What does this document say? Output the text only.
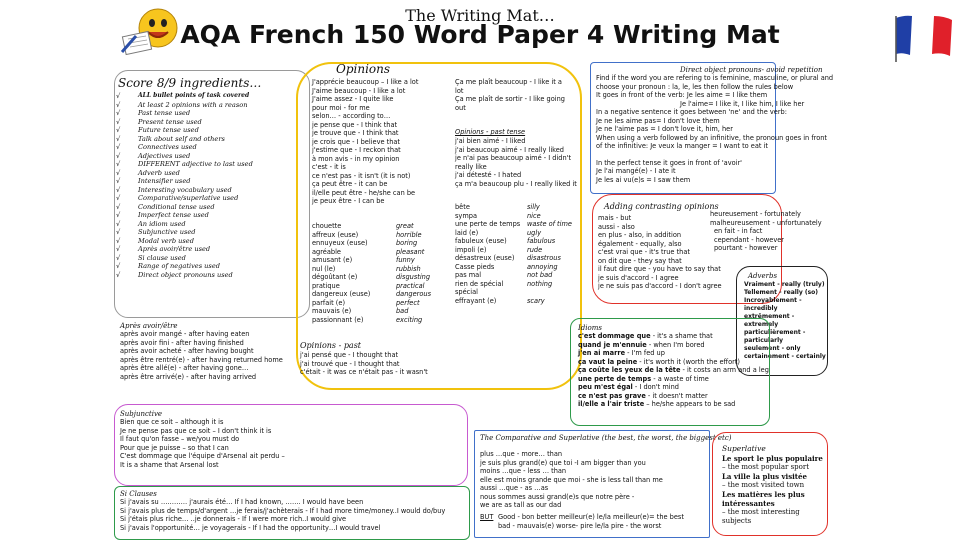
The Writing Mat…
AQA French 150 Word Paper 4 Writing Mat
Score 8/9 ingredients…
√	ALL bullet points of task covered
√	At least 2 opinions with a reason
√	Past tense used
√	Present tense used
√	Future tense used
√	Talk about self and others
√	Connectives used
√	Adjectives used
√	DIFFERENT adjective to last used
√	Adverb used
√	Intensifier used
√	Interesting vocabulary used
√	Comparative/superlative used
√	Conditional tense used
√	Imperfect tense used
√	An idiom used
√	Subjunctive used
√	Modal verb used
√	Après avoir/être used
√	Si clause used
√	Range of negatives used
√	Direct object pronouns used
Après avoir/être
après avoir mangé - after having eaten
après avoir fini - after having finished
après avoir acheté - after having bought
après être rentré(e) - after having returned home
après être allé(e) - after having gone…
après être arrivé(e) - after having arrived
Subjunctive
Bien que ce soit – although it is
Je ne pense pas que ce soit – I don't think it is
Il faut qu'on fasse – we/you must do
Pour que je puisse – so that I can
C'est dommage que l'équipe d'Arsenal ait perdu –
It is a shame that Arsenal lost
Si Clauses
Si j'avais su ………… j'aurais été… If I had known, ……. I would have been
Si j'avais plus de temps/d'argent …je ferais/j'achèterais - If I had more time/money..I would do/buy
Si j'étais plus riche… ..je donnerais - If I were more rich..I would give
Si j'avais l'opportunité… je voyagerais - If I had the opportunity…I would travel
Opinions
J'apprécie beaucoup – I like a lot
J'aime beaucoup - I like a lot
J'aime assez - I quite like
pour moi - for me
selon… - according to…
je pense que - I think that
je trouve que - I think that
je crois que - I believe that
j'estime que - I reckon that
à mon avis - in my opinion
c'est - it is
ce n'est pas - it isn't (it is not)
ça peut être - it can be
il/elle peut être - he/she can be
je peux être - I can be
chouette	great
affreux (euse)	horrible
ennuyeux (euse)	boring
agréable	pleasant
amusant (e)	funny
nul (le)	rubbish
dégoûtant (e)	disgusting
pratique	practical
dangereux (euse)	dangerous
parfait (e)	perfect
mauvais (e)	bad
passionnant (e)	exciting
Opinions - past
j'ai pensé que - I thought that
j'ai trouvé que - I thought that
c'était - it was ce n'était pas - it wasn't
Ça me plaît beaucoup - I like it a
lot
Ça me plaît de sortir - I like going
out
Opinions - past tense
j'ai bien aimé - I liked
j'ai beaucoup aimé - I really liked
je n'ai pas beaucoup aimé - I didn't
really like
j'ai détesté - I hated
ça m'a beaucoup plu - I really liked it
bête	silly
sympa	nice
une perte de temps	waste of time
laid (e)	ugly
fabuleux (euse)	fabulous
impoli (e)	rude
désastreux (euse)	disastrous
Casse pieds	annoying
pas mal	not bad
rien de spécial	nothing
spécial
effrayant (e)	scary
Direct object pronouns- avoid repetition
Find if the word you are refering to is feminine, masculine, or plural and
choose your pronoun : la, le, les then follow the rules below
It goes in front of the verb: Je les aime = I like them
Je l'aime= I like it, I like him, I like her
In a negative sentence it goes between 'ne' and the verb:
Je ne les aime pas= I don't love them
Je ne l'aime pas = I don't love it, him, her
When using a verb followed by an infinitive, the pronoun goes in front
of the infinitive: Je veux la manger = I want to eat it
In the perfect tense it goes in front of 'avoir'
Je l'ai mangé(e) - I ate it
Je les ai vu(e)s = I saw them
Adding contrasting opinions
mais - but
aussi - also
en plus - also, in addition
également - equally, also
c'est vrai que - it's true that
on dit que - they say that
il faut dire que - you have to say that
je suis d'accord - I agree
je ne suis pas d'accord - I don't agree
heureusement - fortunately
malheureusement - unfortunately
en fait - in fact
cependant - however
pourtant - however
Adverbs
Vraiment - really (truly)
Tellement - really (so)
Incroyablement -
incredibly
extrêmement -
extremely
particulièrement -
particularly
seulement - only
certainement - certainly
Idioms
c'est dommage que - it's a shame that
quand je m'ennuie - when I'm bored
j'en ai marre - I'm fed up
ça vaut la peine - it's worth it (worth the effort)
ça coûte les yeux de la tête - it costs an arm and a leg
une perte de temps - a waste of time
peu m'est égal - I don't mind
ce n'est pas grave - it doesn't matter
il/elle a l'air triste – he/she appears to be sad
The Comparative and Superlative (the best, the worst, the biggest etc)
plus …que - more… than
je suis plus grand(e) que toi -I am bigger than you
moins …que - less … than
elle est moins grande que moi - she is less tall than me
aussi …que - as …as
nous sommes aussi grand(e)s que notre père -
we are as tall as our dad
BUT Good - bon better meilleur(e) le/la meilleur(e)= the best
bad - mauvais(e) worse- pire le/la pire - the worst
Superlative
Le sport le plus populaire
– the most popular sport
La ville la plus visitée
– the most visited town
Les matières les plus intéressantes
– the most interesting subjects
